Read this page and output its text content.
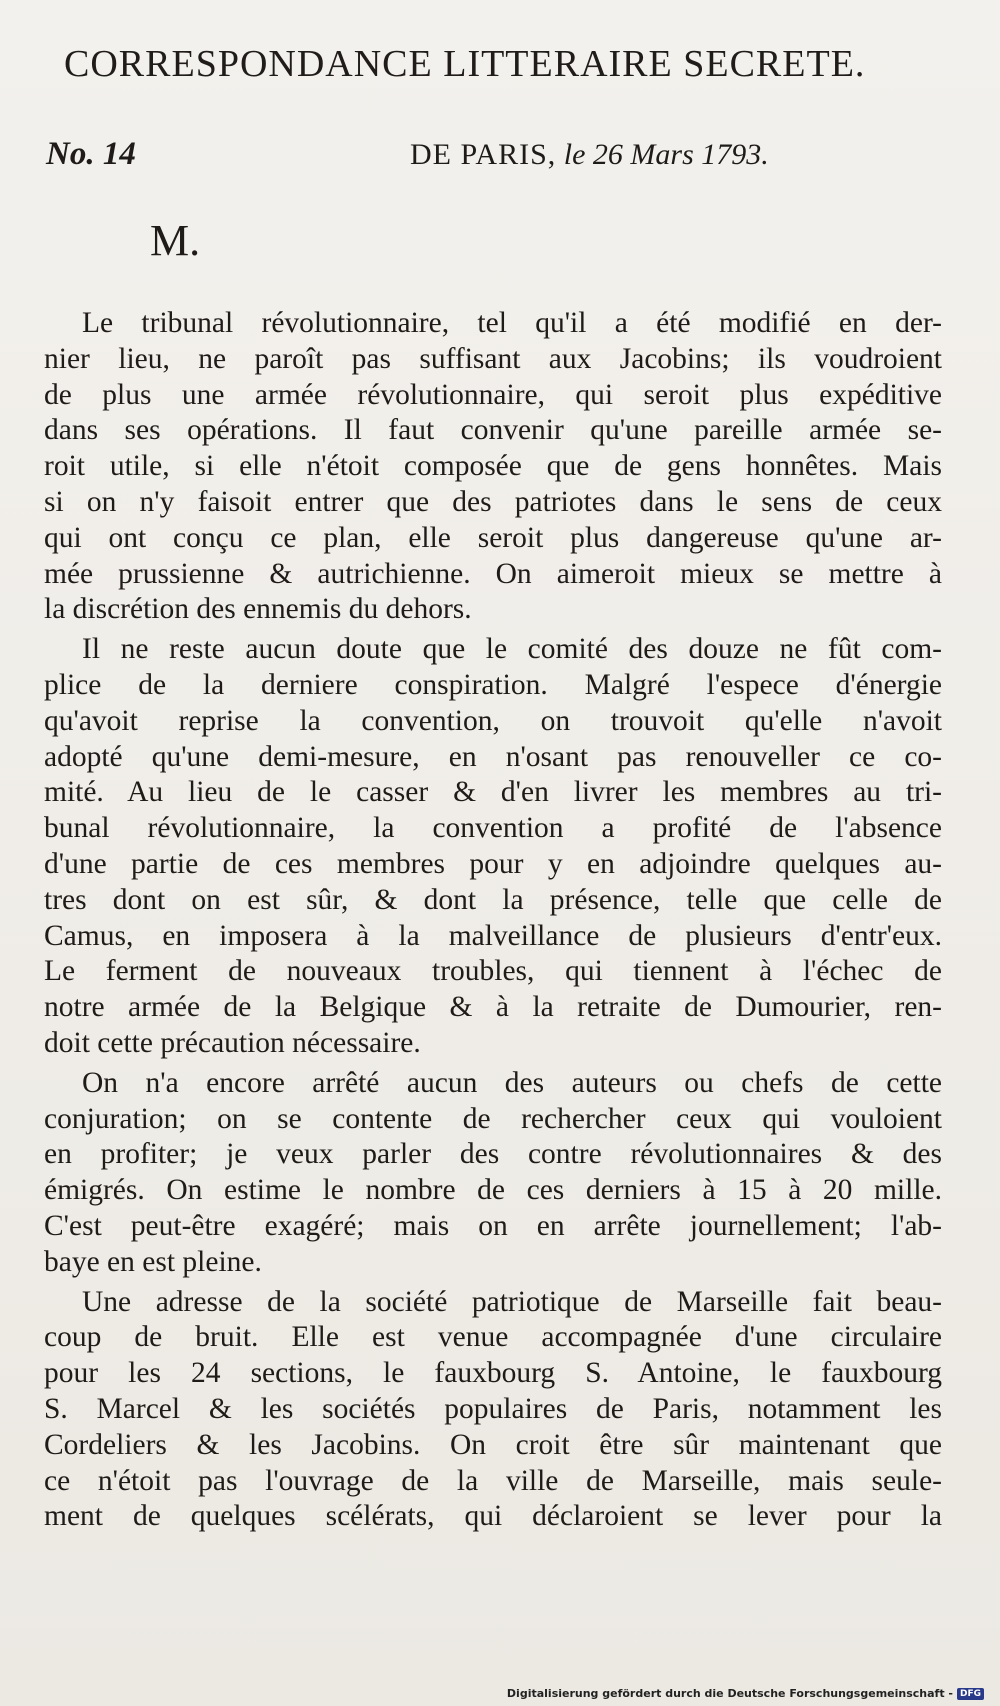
CORRESPONDANCE LITTERAIRE SECRETE.
No. 14	DE PARIS, le 26 Mars 1793.
M.
Le tribunal révolutionnaire, tel qu'il a été modifié en der-
nier lieu, ne paroît pas suffisant aux Jacobins; ils voudroient
de plus une armée révolutionnaire, qui seroit plus expéditive
dans ses opérations. Il faut convenir qu'une pareille armée se-
roit utile, si elle n'étoit composée que de gens honnêtes. Mais
si on n'y faisoit entrer que des patriotes dans le sens de ceux
qui ont conçu ce plan, elle seroit plus dangereuse qu'une ar-
mée prussienne & autrichienne. On aimeroit mieux se mettre à
la discrétion des ennemis du dehors.
Il ne reste aucun doute que le comité des douze ne fût com-
plice de la derniere conspiration. Malgré l'espece d'énergie
qu'avoit reprise la convention, on trouvoit qu'elle n'avoit
adopté qu'une demi-mesure, en n'osant pas renouveller ce co-
mité. Au lieu de le casser & d'en livrer les membres au tri-
bunal révolutionnaire, la convention a profité de l'absence
d'une partie de ces membres pour y en adjoindre quelques au-
tres dont on est sûr, & dont la présence, telle que celle de
Camus, en imposera à la malveillance de plusieurs d'entr'eux.
Le ferment de nouveaux troubles, qui tiennent à l'échec de
notre armée de la Belgique & à la retraite de Dumourier, ren-
doit cette précaution nécessaire.
On n'a encore arrêté aucun des auteurs ou chefs de cette
conjuration; on se contente de rechercher ceux qui vouloient
en profiter; je veux parler des contre révolutionnaires & des
émigrés. On estime le nombre de ces derniers à 15 à 20 mille.
C'est peut-être exagéré; mais on en arrête journellement; l'ab-
baye en est pleine.
Une adresse de la société patriotique de Marseille fait beau-
coup de bruit. Elle est venue accompagnée d'une circulaire
pour les 24 sections, le fauxbourg S. Antoine, le fauxbourg
S. Marcel & les sociétés populaires de Paris, notamment les
Cordeliers & les Jacobins. On croit être sûr maintenant que
ce n'étoit pas l'ouvrage de la ville de Marseille, mais seule-
ment de quelques scélérats, qui déclaroient se lever pour la
Digitalisierung gefördert durch die Deutsche Forschungsgemeinschaft - DFG
